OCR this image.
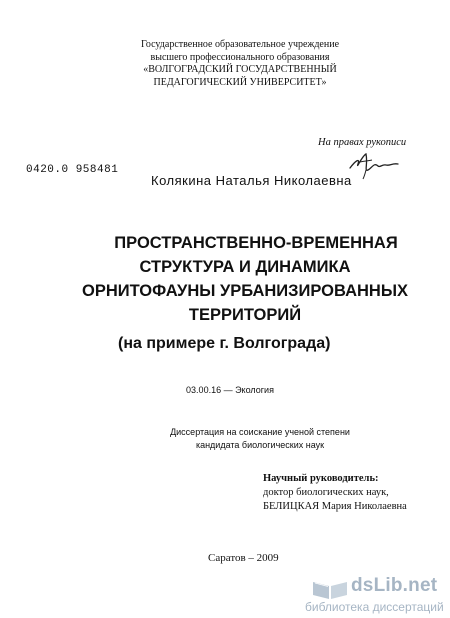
Государственное образовательное учреждение
высшего профессионального образования
«ВОЛГОГРАДСКИЙ ГОСУДАРСТВЕННЫЙ
ПЕДАГОГИЧЕСКИЙ УНИВЕРСИТЕТ»
На правах рукописи
0420.0 958481
Колякина Наталья Николаевна
ПРОСТРАНСТВЕННО-ВРЕМЕННАЯ
СТРУКТУРА И ДИНАМИКА
ОРНИТОФАУНЫ УРБАНИЗИРОВАННЫХ
ТЕРРИТОРИЙ
(на примере г. Волгограда)
03.00.16 — Экология
Диссертация на соискание ученой степени
кандидата биологических наук
Научный руководитель:
доктор биологических наук,
БЕЛИЦКАЯ Мария Николаевна
Саратов – 2009
dsLib.net
библиотека диссертаций
